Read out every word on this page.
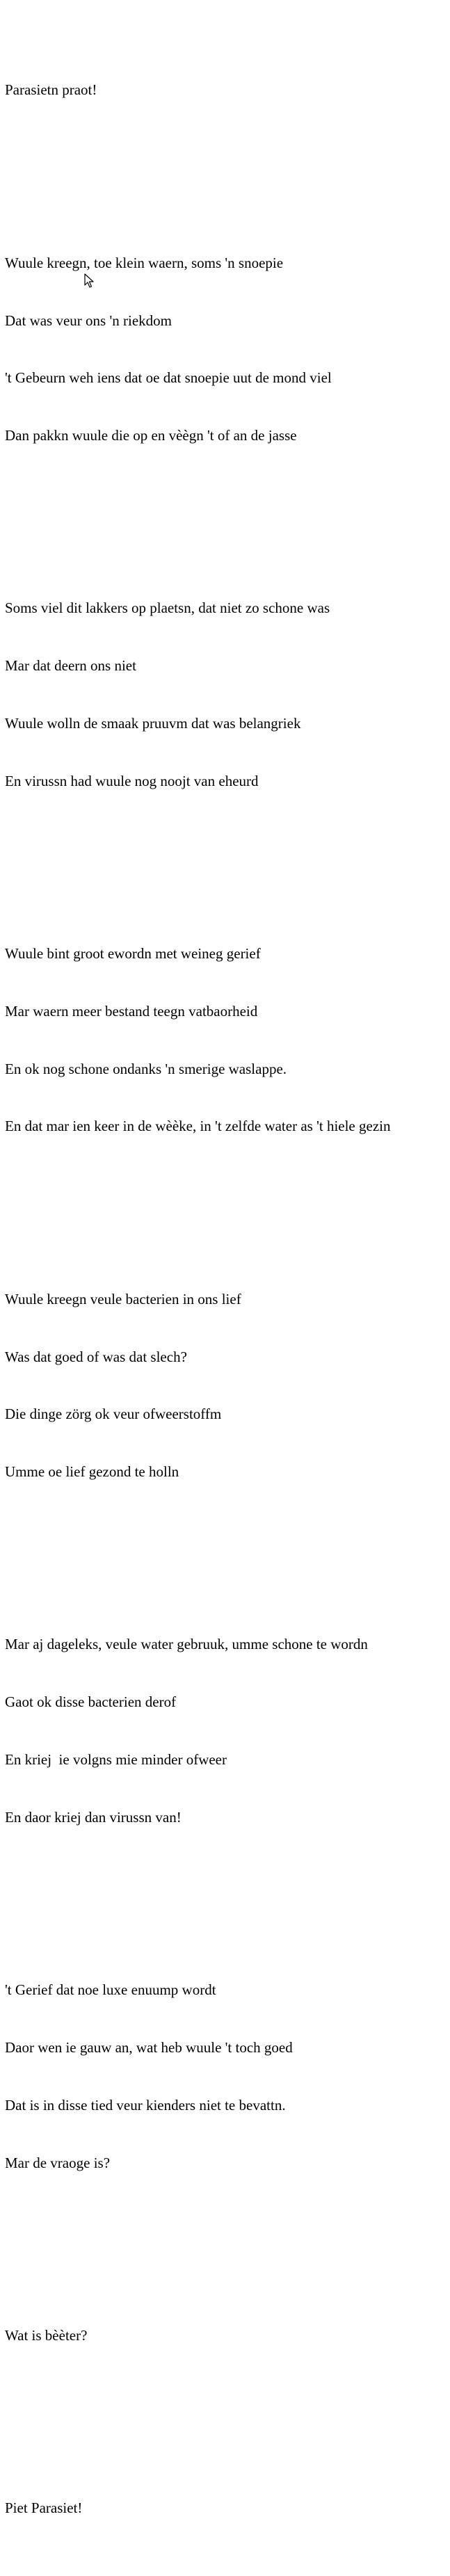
Parasietn praot!

Wuule kreegn, toe klein waern, soms 'n snoepie

Dat was veur ons 'n riekdom

't Gebeurn weh iens dat oe dat snoepie uut de mond viel

Dan pakkn wuule die op en vèègn 't of an de jasse

Soms viel dit lakkers op plaetsn, dat niet zo schone was

Mar dat deern ons niet

Wuule wolln de smaak pruuvm dat was belangriek

En virussn had wuule nog noojt van eheurd

Wuule bint groot ewordn met weineg gerief

Mar waern meer bestand teegn vatbaorheid

En ok nog schone ondanks 'n smerige waslappe.

En dat mar ien keer in de wèèke, in 't zelfde water as 't hiele gezin

Wuule kreegn veule bacterien in ons lief

Was dat goed of was dat slech?

Die dinge zörg ok veur ofweerstoffm

Umme oe lief gezond te holln

Mar aj dageleks, veule water gebruuk, umme schone te wordn

Gaot ok disse bacterien derof

En kriej  ie volgns mie minder ofweer

En daor kriej dan virussn van!

't Gerief dat noe luxe enuump wordt

Daor wen ie gauw an, wat heb wuule 't toch goed

Dat is in disse tied veur kienders niet te bevattn.

Mar de vraoge is?

Wat is bèèter?

Piet Parasiet!
